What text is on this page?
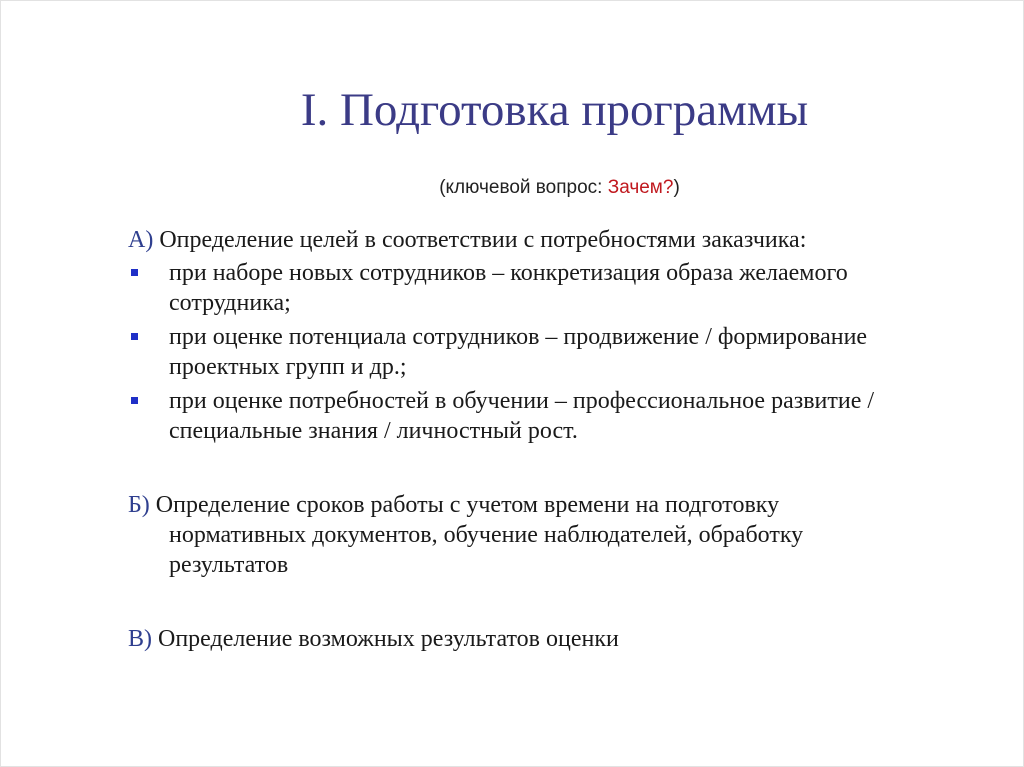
I. Подготовка программы
(ключевой вопрос: Зачем?)
А) Определение целей в соответствии с потребностями заказчика:
при наборе новых сотрудников – конкретизация образа желаемого
сотрудника;
при оценке потенциала сотрудников – продвижение / формирование
проектных групп и др.;
при оценке потребностей в обучении – профессиональное развитие /
специальные знания / личностный рост.
Б) Определение сроков работы с учетом времени на подготовку
нормативных документов, обучение наблюдателей, обработку
результатов
В) Определение возможных результатов оценки
